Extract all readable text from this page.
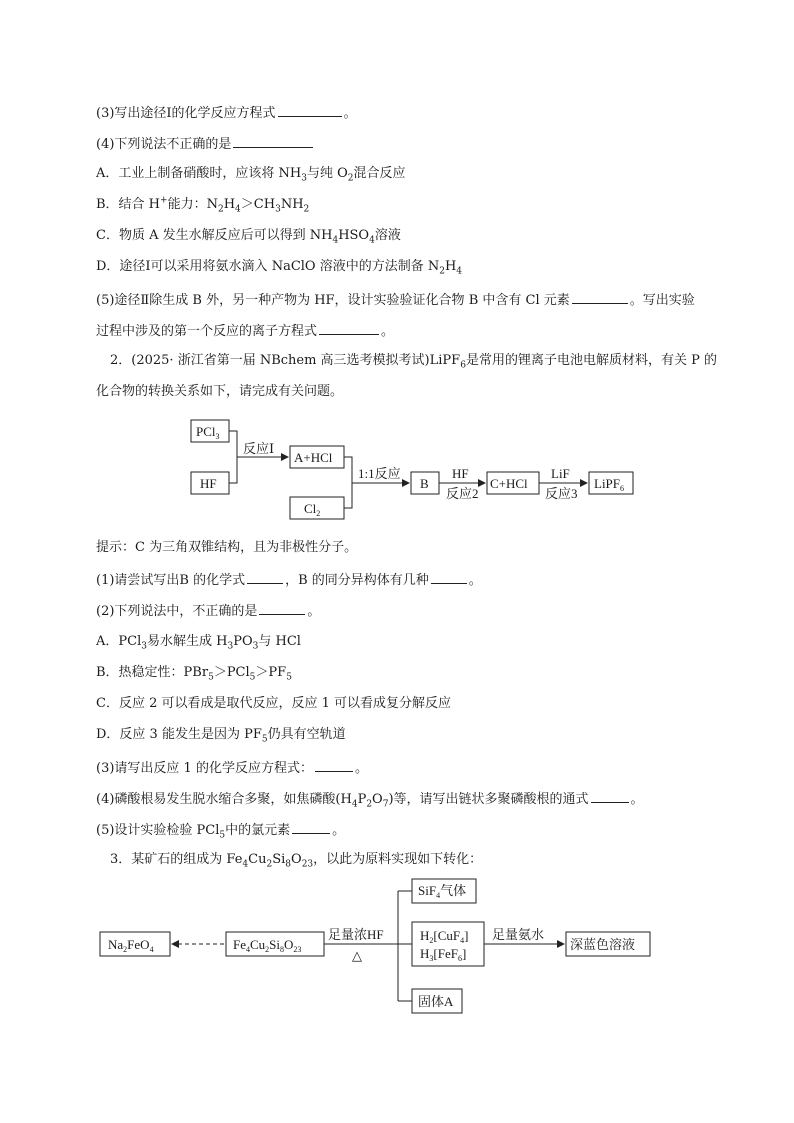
(3)写出途径Ⅰ的化学反应方程式	。
(4)下列说法不正确的是
A．工业上制备硝酸时，应该将 $NH_3$与纯 $O_2$混合反应
B．结合 H+能力：$N_2H_4>CH_3NH_2$
C．物质 A 发生水解反应后可以得到 $NH_4HSO_4$溶液
D．途径Ⅰ可以采用将氨水滴入 NaClO 溶液中的方法制备 $N_2H_4$
(5)途径Ⅱ除生成 B 外，另一种产物为 HF，设计实验验证化合物 B 中含有 Cl 元素	。写出实验
过程中涉及的第一个反应的离子方程式	。
2．(2025· 浙江省第一届 NBchem 高三选考模拟考试)LiPF$_6$是常用的锂离子电池电解质材料，有关 P 的
化合物的转换关系如下，请完成有关问题。
PCl$_3$
HF
反应Ⅰ
A+HCl
$Cl_2$
1:1反应
B
HF
反应2
C+HCl
LiF
反应3
LiPF$_6$
提示：C 为三角双锥结构，且为非极性分子。
(1)请尝试写出B 的化学式	，B 的同分异构体有几种	。
(2)下列说法中，不正确的是	。
A．PCl$_3$易水解生成 $H_3PO_3$与 HCl
B．热稳定性：$PBr_5>PCl_5>PF_5$
C．反应 2 可以看成是取代反应，反应 1 可以看成复分解反应
D．反应 3 能发生是因为 $PF_5$仍具有空轨道
(3)请写出反应 1 的化学反应方程式：	。
(4)磷酸根易发生脱水缩合多聚，如焦磷酸$(H_4P_2O_7)$等，请写出链状多聚磷酸根的通式	。
(5)设计实验检验 PCl$_5$中的氯元素	。
3．某矿石的组成为 $Fe_4Cu_2Si_8O_{23}$，以此为原料实现如下转化：
$Na_2FeO_4$	$Fe_4Cu_2Si_8O_{23}$
足量浓HF
△
SiF$_4$气体
$H_2[CuF_4]$
$H_3[FeF_6]$
足量氨水
深蓝色溶液
固体A
